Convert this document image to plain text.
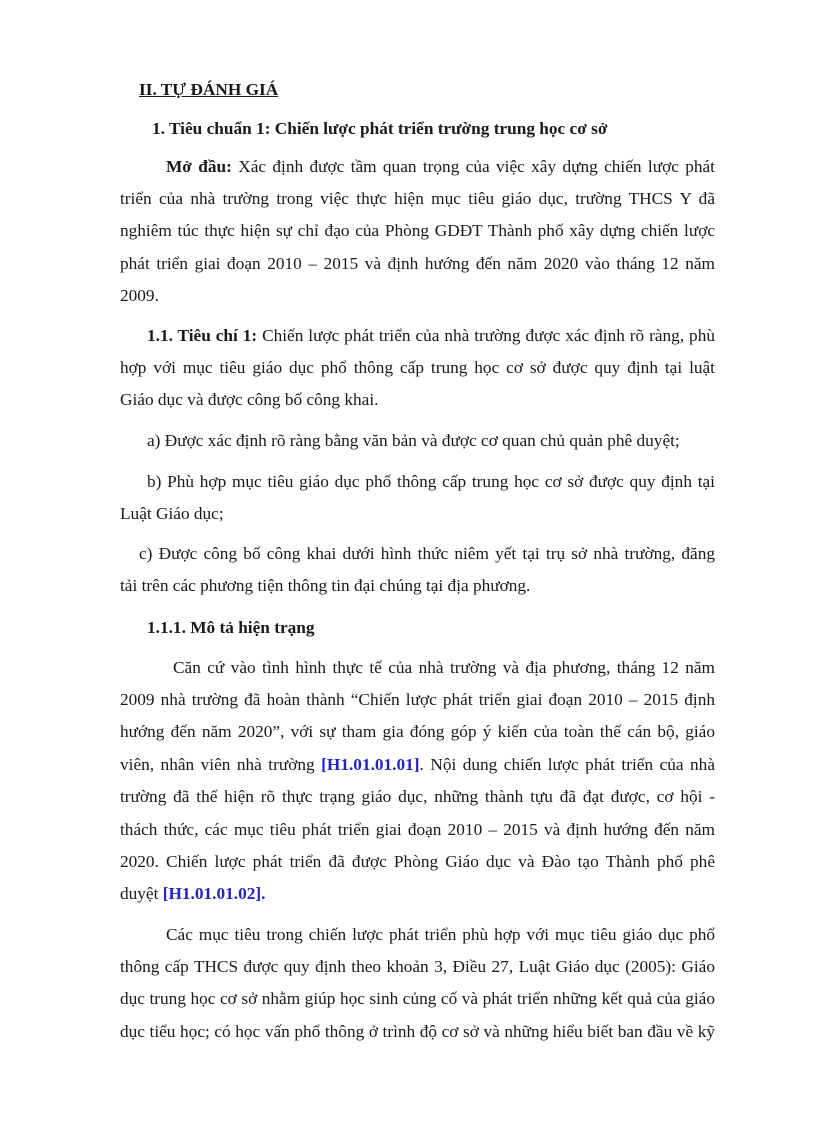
II. TỰ ĐÁNH GIÁ
1. Tiêu chuẩn 1: Chiến lược phát triển trường trung học cơ sở
Mở đầu: Xác định được tầm quan trọng của việc xây dựng chiến lược phát
triển của nhà trường trong việc thực hiện mục tiêu giáo dục, trường THCS Y đã
nghiêm túc thực hiện sự chỉ đạo của Phòng GDĐT Thành phố xây dựng chiến lược
phát triển giai đoạn 2010 – 2015 và định hướng đến năm 2020 vào tháng 12 năm
2009.
1.1. Tiêu chí 1: Chiến lược phát triển của nhà trường được xác định rõ ràng, phù
hợp với mục tiêu giáo dục phổ thông cấp trung học cơ sở được quy định tại luật
Giáo dục và được công bố công khai.
a) Được xác định rõ ràng bằng văn bản và được cơ quan chủ quản phê duyệt;
b) Phù hợp mục tiêu giáo dục phổ thông cấp trung học cơ sở được quy định tại
Luật Giáo dục;
c) Được công bố công khai dưới hình thức niêm yết tại trụ sở nhà trường, đăng
tải trên các phương tiện thông tin đại chúng tại địa phương.
1.1.1. Mô tả hiện trạng
Căn cứ vào tình hình thực tế của nhà trường và địa phương, tháng 12 năm
2009 nhà trường đã hoàn thành “Chiến lược phát triển giai đoạn 2010 – 2015 định
hướng đến năm 2020”, với sự tham gia đóng góp ý kiến của toàn thể cán bộ, giáo
viên, nhân viên nhà trường [H1.01.01.01]. Nội dung chiến lược phát triển của nhà
trường đã thể hiện rõ thực trạng giáo dục, những thành tựu đã đạt được, cơ hội -
thách thức, các mục tiêu phát triển giai đoạn 2010 – 2015 và định hướng đến năm
2020. Chiến lược phát triển đã được Phòng Giáo dục và Đào tạo Thành phố phê
duyệt [H1.01.01.02].
Các mục tiêu trong chiến lược phát triển phù hợp với mục tiêu giáo dục phổ
thông cấp THCS được quy định theo khoản 3, Điều 27, Luật Giáo dục (2005): Giáo
dục trung học cơ sở nhằm giúp học sinh củng cố và phát triển những kết quả của giáo
dục tiểu học; có học vấn phổ thông ở trình độ cơ sở và những hiểu biết ban đầu về kỹ
